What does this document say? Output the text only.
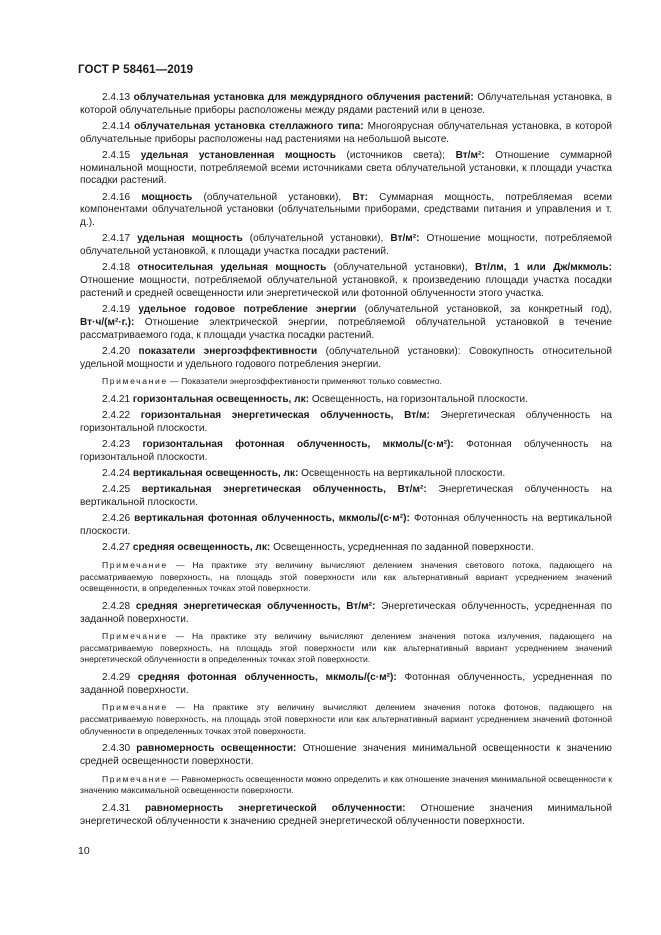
ГОСТ Р 58461—2019

2.4.13 облучательная установка для междурядного облучения растений: Облучательная установка, в которой облучательные приборы расположены между рядами растений или в ценозе.

2.4.14 облучательная установка стеллажного типа: Многоярусная облучательная установка, в которой облучательные приборы расположены над растениями на небольшой высоте.

2.4.15 удельная установленная мощность (источников света); Вт/м²: Отношение суммарной номинальной мощности, потребляемой всеми источниками света облучательной установки, к площади участка посадки растений.

2.4.16 мощность (облучательной установки), Вт: Суммарная мощность, потребляемая всеми компонентами облучательной установки (облучательными приборами, средствами питания и управления и т. д.).

2.4.17 удельная мощность (облучательной установки), Вт/м²: Отношение мощности, потребляемой облучательной установкой, к площади участка посадки растений.

2.4.18 относительная удельная мощность (облучательной установки), Вт/лм, 1 или Дж/мкмоль: Отношение мощности, потребляемой облучательной установкой, к произведению площади участка посадки растений и средней освещенности или энергетической или фотонной облученности этого участка.

2.4.19 удельное годовое потребление энергии (облучательной установкой, за конкретный год), Вт·ч/(м²·г.): Отношение электрической энергии, потребляемой облучательной установкой в течение рассматриваемого года, к площади участка посадки растений.

2.4.20 показатели энергоэффективности (облучательной установки): Совокупность относительной удельной мощности и удельного годового потребления энергии.

Примечание — Показатели энергоэффективности применяют только совместно.

2.4.21 горизонтальная освещенность, лк: Освещенность, на горизонтальной плоскости.

2.4.22 горизонтальная энергетическая облученность, Вт/м: Энергетическая облученность на горизонтальной плоскости.

2.4.23 горизонтальная фотонная облученность, мкмоль/(с·м²): Фотонная облученность на горизонтальной плоскости.

2.4.24 вертикальная освещенность, лк: Освещенность на вертикальной плоскости.

2.4.25 вертикальная энергетическая облученность, Вт/м²: Энергетическая облученность на вертикальной плоскости.

2.4.26 вертикальная фотонная облученность, мкмоль/(с·м²): Фотонная облученность на вертикальной плоскости.

2.4.27 средняя освещенность, лк: Освещенность, усредненная по заданной поверхности.

Примечание — На практике эту величину вычисляют делением значения светового потока, падающего на рассматриваемую поверхность, на площадь этой поверхности или как альтернативный вариант усреднением значений освещенности, в определенных точках этой поверхности.

2.4.28 средняя энергетическая облученность, Вт/м²: Энергетическая облученность, усредненная по заданной поверхности.

Примечание — На практике эту величину вычисляют делением значения потока излучения, падающего на рассматриваемую поверхность, на площадь этой поверхности или как альтернативный вариант усреднением значений энергетической облученности в определенных точках этой поверхности.

2.4.29 средняя фотонная облученность, мкмоль/(с·м²): Фотонная облученность, усредненная по заданной поверхности.

Примечание — На практике эту величину вычисляют делением значения потока фотонов, падающего на рассматриваемую поверхность, на площадь этой поверхности или как альтернативный вариант усреднением значений фотонной облученности в определенных точках этой поверхности.

2.4.30 равномерность освещенности: Отношение значения минимальной освещенности к значению средней освещенности поверхности.

Примечание — Равномерность освещенности можно определить и как отношение значения минимальной освещенности к значению максимальной освещенности поверхности.

2.4.31 равномерность энергетической облученности: Отношение значения минимальной энергетической облученности к значению средней энергетической облученности поверхности.

10
